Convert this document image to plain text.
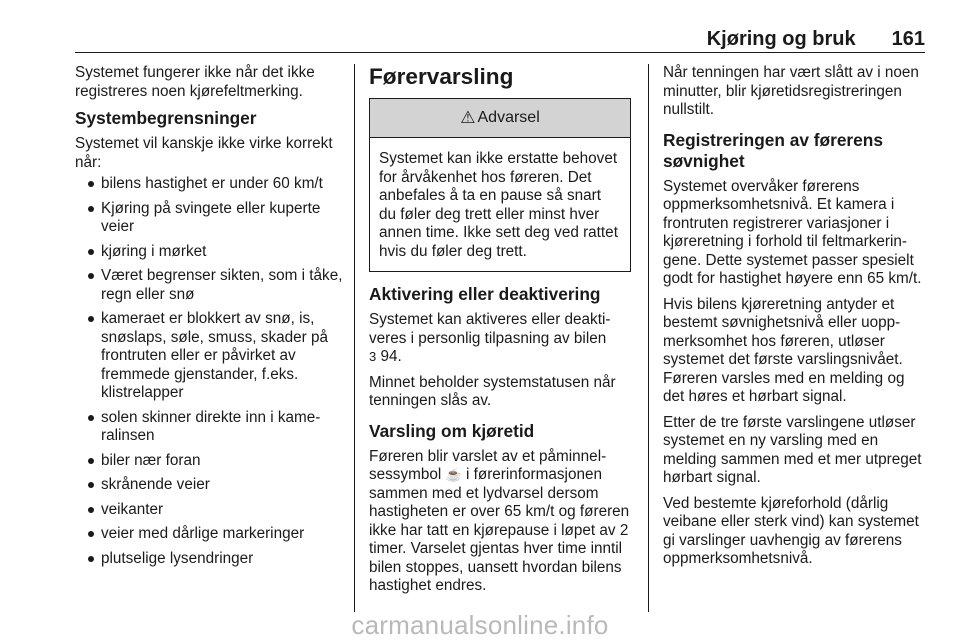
Kjøring og bruk 161

Systemet fungerer ikke når det ikke registreres noen kjørefeltmerking.

Systembegrensninger

Systemet vil kanskje ikke virke korrekt når:

bilens hastighet er under 60 km/t
Kjøring på svingete eller kuperte veier
kjøring i mørket
Været begrenser sikten, som i tåke, regn eller snø
kameraet er blokkert av snø, is, snøslaps, søle, smuss, skader på frontruten eller er påvirket av fremmede gjenstander, f.eks. klistrelapper
solen skinner direkte inn i kameralinsen
biler nær foran
skrånende veier
veikanter
veier med dårlige markeringer
plutselige lysendringer
Førervarsling
⚠ Advarsel

Systemet kan ikke erstatte behovet for årvåkenhet hos føreren. Det anbefales å ta en pause så snart du føler deg trett eller minst hver annen time. Ikke sett deg ved rattet hvis du føler deg trett.

Aktivering eller deaktivering

Systemet kan aktiveres eller deaktiveres i personlig tilpasning av bilen
3 94.

Minnet beholder systemstatusen når tenningen slås av.

Varsling om kjøretid

Føreren blir varslet av et påminnelsessymbol ☕ i førerinformasjonen sammen med et lydvarsel dersom hastigheten er over 65 km/t og føreren ikke har tatt en kjørepause i løpet av 2 timer. Varselet gjentas hver time inntil bilen stoppes, uansett hvordan bilens hastighet endres.

Når tenningen har vært slått av i noen minutter, blir kjøretidsregistreringen nullstilt.

Registreringen av førerens søvnighet

Systemet overvåker førerens oppmerksomhetsnivå. Et kamera i frontruten registrerer variasjoner i kjøreretning i forhold til feltmarkeringene. Dette systemet passer spesielt godt for hastighet høyere enn 65 km/t.

Hvis bilens kjøreretning antyder et bestemt søvnighetsnivå eller uoppmerksomhet hos føreren, utløser systemet det første varslingsnivået. Føreren varsles med en melding og det høres et hørbart signal.

Etter de tre første varslingene utløser systemet en ny varsling med en melding sammen med et mer utpreget hørbart signal.

Ved bestemte kjøreforhold (dårlig veibane eller sterk vind) kan systemet gi varslinger uavhengig av førerens oppmerksomhetsnivå.

carmanualsonline.info
